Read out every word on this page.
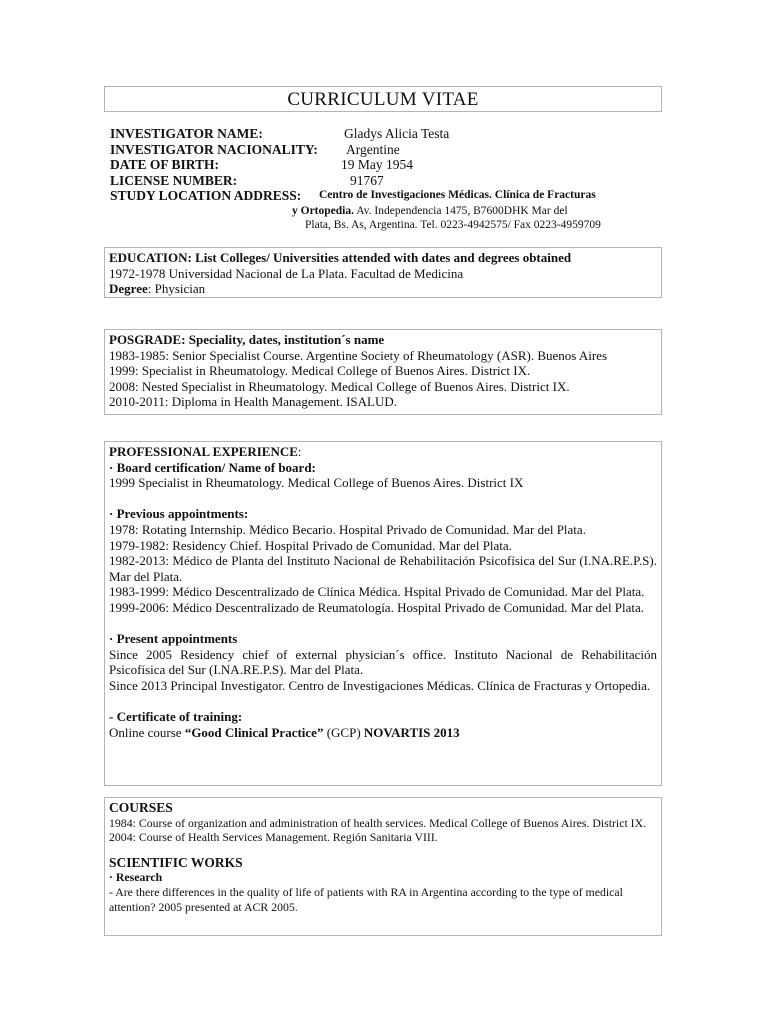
CURRICULUM VITAE
INVESTIGATOR NAME:	Gladys Alicia Testa
INVESTIGATOR NACIONALITY: Argentine
DATE OF BIRTH:	19 May 1954
LICENSE NUMBER:	91767
STUDY LOCATION ADDRESS: Centro de Investigaciones Médicas. Clínica de Fracturas
y Ortopedia. Av. Independencia 1475, B7600DHK Mar del
Plata, Bs. As, Argentina. Tel. 0223-4942575/ Fax 0223-4959709

EDUCATION: List Colleges/ Universities attended with dates and degrees obtained

1972-1978 Universidad Nacional de La Plata. Facultad de Medicina

Degree: Physician

POSGRADE: Speciality, dates, institution´s name

1983-1985: Senior Specialist Course. Argentine Society of Rheumatology (ASR). Buenos Aires

1999: Specialist in Rheumatology. Medical College of Buenos Aires. District IX.

2008: Nested Specialist in Rheumatology. Medical College of Buenos Aires. District IX.

2010-2011: Diploma in Health Management. ISALUD.

PROFESSIONAL EXPERIENCE:

· Board certification/ Name of board:

1999 Specialist in Rheumatology. Medical College of Buenos Aires. District IX

· Previous appointments:

1978: Rotating Internship. Médico Becario. Hospital Privado de Comunidad. Mar del Plata.

1979-1982: Residency Chief. Hospital Privado de Comunidad. Mar del Plata.

1982-2013: Médico de Planta del Instituto Nacional de Rehabilitación Psicofísica del Sur (I.NA.RE.P.S). Mar del Plata.

1983-1999: Médico Descentralizado de Clínica Médica. Hspital Privado de Comunidad. Mar del Plata.

1999-2006: Médico Descentralizado de Reumatología. Hospital Privado de Comunidad. Mar del Plata.

· Present appointments

Since 2005 Residency chief of external physician´s office. Instituto Nacional de Rehabilitación Psicofísica del Sur (I.NA.RE.P.S). Mar del Plata.

Since 2013 Principal Investigator. Centro de Investigaciones Médicas. Clínica de Fracturas y Ortopedia.

- Certificate of training:

Online course “Good Clinical Practice” (GCP) NOVARTIS 2013

COURSES

1984: Course of organization and administration of health services. Medical College of Buenos Aires. District IX.

2004: Course of Health Services Management. Región Sanitaria VIII.

SCIENTIFIC WORKS

· Research

- Are there differences in the quality of life of patients with RA in Argentina according to the type of medical attention? 2005 presented at ACR 2005.
